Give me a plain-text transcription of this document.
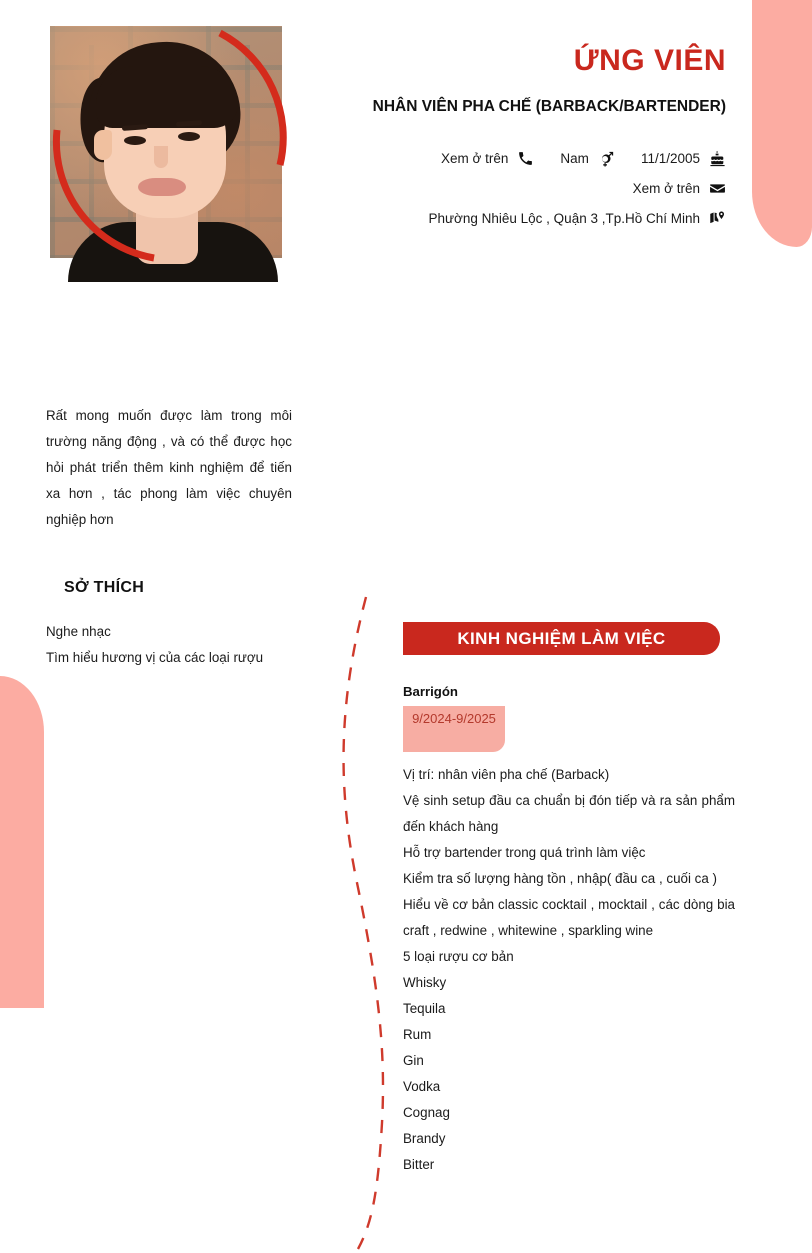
ỨNG VIÊN
NHÂN VIÊN PHA CHẾ (BARBACK/BARTENDER)
Xem ở trên	Nam	11/1/2005
Xem ở trên
Phường Nhiêu Lộc , Quận 3 ,Tp.Hồ Chí Minh
Rất mong muốn được làm trong môi trường năng động , và có thể được học hỏi phát triển thêm kinh nghiệm để tiến xa hơn , tác phong làm việc chuyên nghiệp hơn
SỞ THÍCH
Nghe nhạc
Tìm hiểu hương vị của các loại rượu
KINH NGHIỆM LÀM VIỆC
Barrigón
9/2024-9/2025
Vị trí: nhân viên pha chế (Barback)
Vệ sinh setup đầu ca chuẩn bị đón tiếp và ra sản phẩm đến khách hàng
Hỗ trợ bartender trong quá trình làm việc
Kiểm tra số lượng hàng tồn , nhập( đầu ca , cuối ca )
Hiểu về cơ bản classic cocktail , mocktail , các dòng bia craft , redwine , whitewine , sparkling wine
5 loại rượu cơ bản
Whisky
Tequila
Rum
Gin
Vodka
Cognag
Brandy
Bitter
